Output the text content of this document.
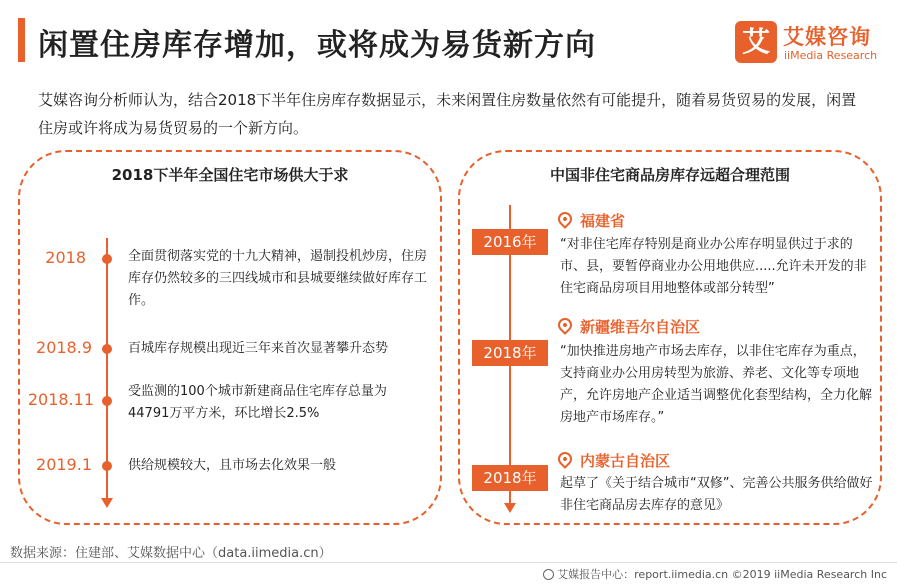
闲置住房库存增加，或将成为易货新方向	艾 艾媒咨询
iiMedia Research

艾媒咨询分析师认为，结合2018下半年住房库存数据显示，未来闲置住房数量依然有可能提升，随着易货贸易的发展，闲置住房或许将成为易货贸易的一个新方向。

2018下半年全国住宅市场供大于求
2018	全面贯彻落实党的十九大精神，遏制投机炒房，住房库存仍然较多的三四线城市和县城要继续做好库存工作。
2018.9	百城库存规模出现近三年来首次显著攀升态势
2018.11	受监测的100个城市新建商品住宅库存总量为44791万平方米，环比增长2.5%
2019.1	供给规模较大，且市场去化效果一般
中国非住宅商品房库存远超合理范围
福建省
2016年	“对非住宅库存特别是商业办公库存明显供过于求的市、县，要暂停商业办公用地供应.....允许未开发的非住宅商品房项目用地整体或部分转型”
新疆维吾尔自治区
2018年	“加快推进房地产市场去库存，以非住宅库存为重点，支持商业办公用房转型为旅游、养老、文化等专项地产，允许房地产企业适当调整优化套型结构，全力化解房地产市场库存。”
内蒙古自治区
2018年	起草了《关于结合城市“双修”、完善公共服务供给做好非住宅商品房去库存的意见》
数据来源：住建部、艾媒数据中心（data.iimedia.cn）
艾媒报告中心：report.iimedia.cn ©2019 iiMedia Research Inc
